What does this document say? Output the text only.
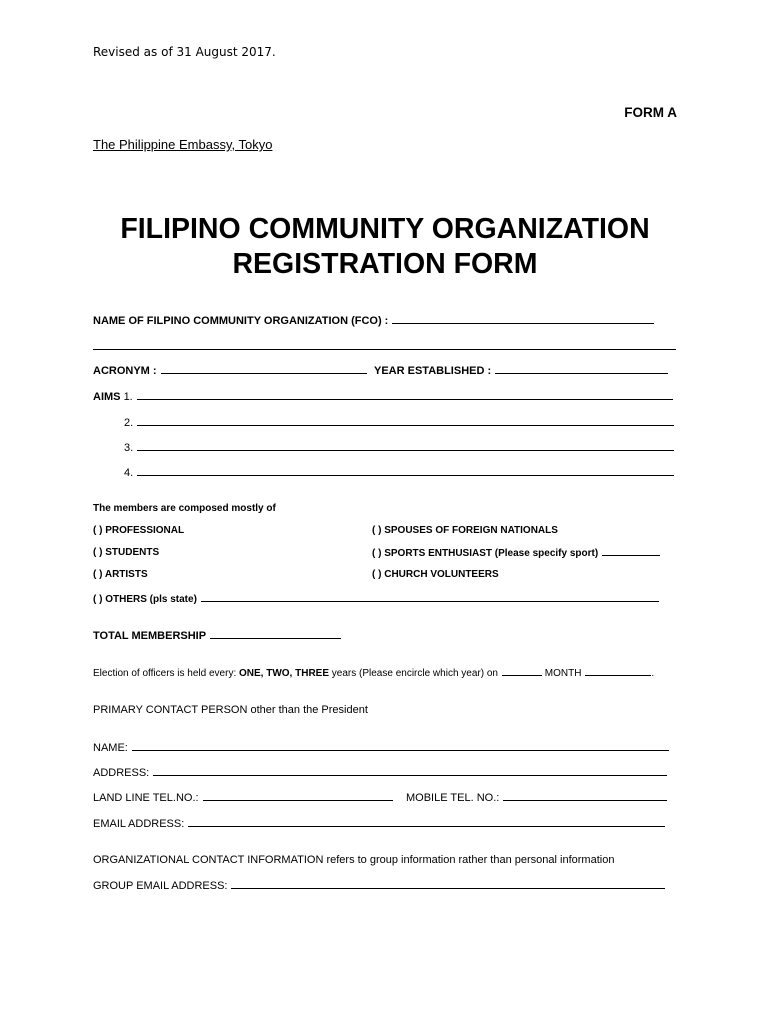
Revised as of 31 August 2017.
FORM A
The Philippine Embassy, Tokyo
FILIPINO COMMUNITY ORGANIZATION
REGISTRATION FORM
NAME OF FILPINO COMMUNITY ORGANIZATION (FCO) :
ACRONYM :	YEAR ESTABLISHED :
AIMS 1.
2.
3.
4.
The members are composed mostly of
( ) PROFESSIONAL	( ) SPOUSES OF FOREIGN NATIONALS
( ) STUDENTS	( ) SPORTS ENTHUSIAST (Please specify sport)
( ) ARTISTS	( ) CHURCH VOLUNTEERS
( ) OTHERS (pls state)
TOTAL MEMBERSHIP
Election of officers is held every: ONE, TWO, THREE years (Please encircle which year) on	MONTH	.
PRIMARY CONTACT PERSON other than the President
NAME:
ADDRESS:
LAND LINE TEL.NO.:	MOBILE TEL. NO.:
EMAIL ADDRESS:
ORGANIZATIONAL CONTACT INFORMATION refers to group information rather than personal information
GROUP EMAIL ADDRESS:
